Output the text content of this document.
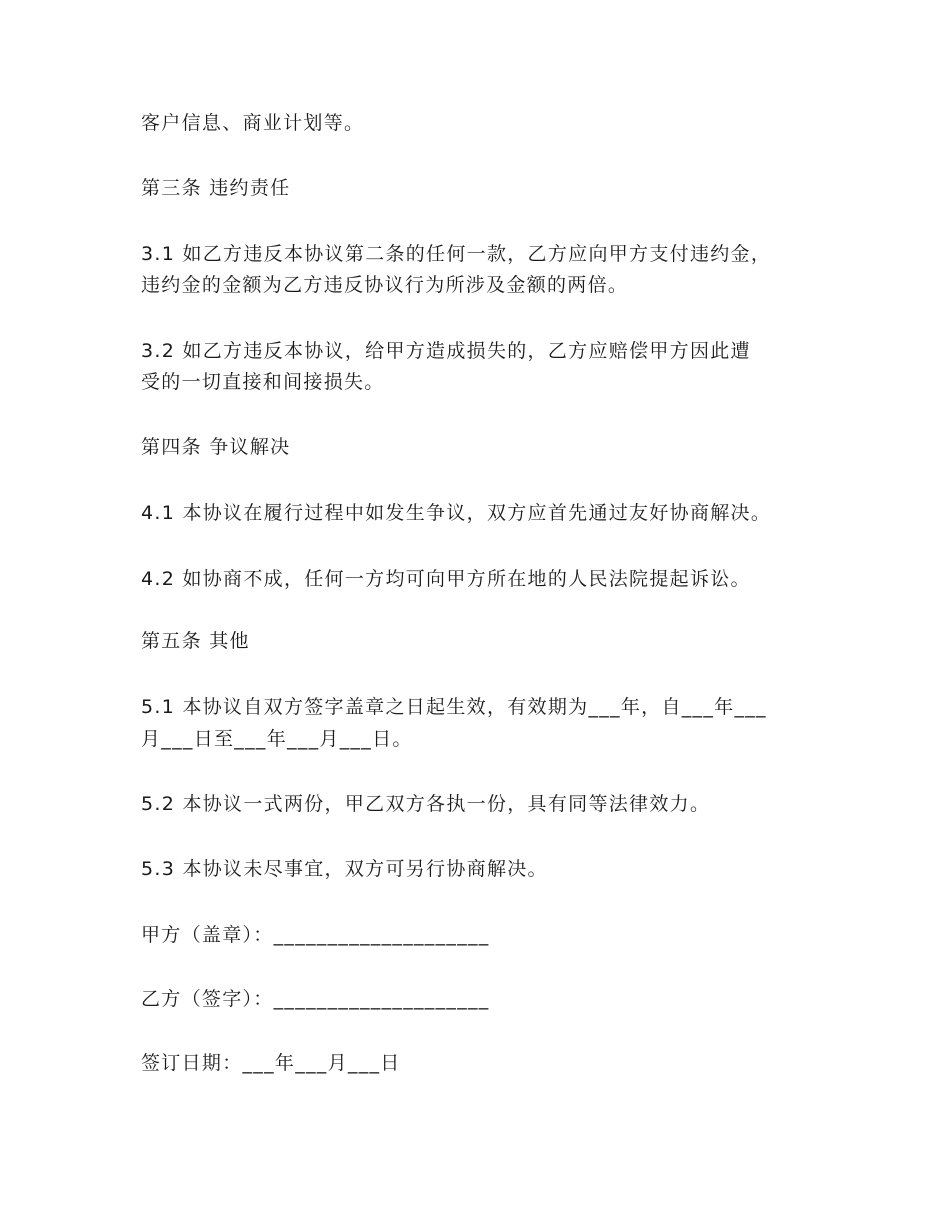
客户信息、商业计划等。

第三条 违约责任

3.1 如乙方违反本协议第二条的任何一款，乙方应向甲方支付违约金，

违约金的金额为乙方违反协议行为所涉及金额的两倍。

3.2 如乙方违反本协议，给甲方造成损失的，乙方应赔偿甲方因此遭

受的一切直接和间接损失。

第四条 争议解决

4.1 本协议在履行过程中如发生争议，双方应首先通过友好协商解决。

4.2 如协商不成，任何一方均可向甲方所在地的人民法院提起诉讼。

第五条 其他

5.1 本协议自双方签字盖章之日起生效，有效期为___年，自___年___

月___日至___年___月___日。

5.2 本协议一式两份，甲乙双方各执一份，具有同等法律效力。

5.3 本协议未尽事宜，双方可另行协商解决。

甲方（盖章）：____________________

乙方（签字）：____________________

签订日期：___年___月___日
